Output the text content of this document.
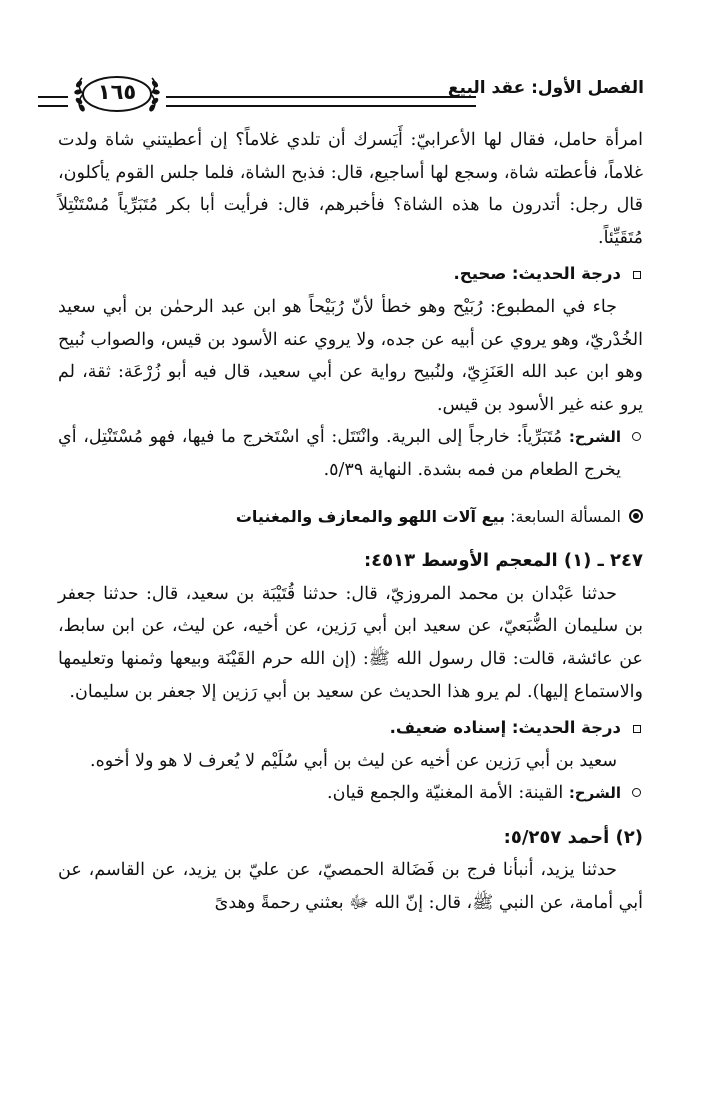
الفصل الأول: عقد البيع
١٦٥

امرأة حامل، فقال لها الأعرابيّ: أَيَسرك أن تلدي غلاماً؟ إن أعطيتني شاة ولدت غلاماً، فأعطته شاة، وسجع لها أساجيع، قال: فذبح الشاة، فلما جلس القوم يأكلون، قال رجل: أتدرون ما هذه الشاة؟ فأخبرهم، قال: فرأيت أبا بكر مُتَبَرِّياً مُسْتَنْتِلاً مُتَقَيِّئاً.

درجة الحديث: صحيح.

جاء في المطبوع: رُبَيْح وهو خطأ لأنّ رُبَيْحاً هو ابن عبد الرحمٰن بن أبي سعيد الخُدْريّ، وهو يروي عن أبيه عن جده، ولا يروي عنه الأسود بن قيس، والصواب نُبيح وهو ابن عبد الله العَنَزِيّ، ولنُبيح رواية عن أبي سعيد، قال فيه أبو زُرْعَة: ثقة، لم يرو عنه غير الأسود بن قيس.

الشرح: مُتَبَرِّياً: خارجاً إلى البرية. وانْتَتَل: أي اسْتَخرج ما فيها، فهو مُسْتَنْتِل، أي يخرج الطعام من فمه بشدة. النهاية ٥/٣٩.

المسألة السابعة: بيع آلات اللهو والمعازف والمغنيات

٢٤٧ ـ (١) المعجم الأوسط ٤٥١٣:

حدثنا عَبْدان بن محمد المروزيّ، قال: حدثنا قُتَيْبَة بن سعيد، قال: حدثنا جعفر بن سليمان الضُّبَعيّ، عن سعيد ابن أبي رَزين، عن أخيه، عن ليث، عن ابن سابط، عن عائشة، قالت: قال رسول الله ﷺ: (إن الله حرم القَيْنَة وبيعها وثمنها وتعليمها والاستماع إليها). لم يرو هذا الحديث عن سعيد بن أبي رَزين إلا جعفر بن سليمان.

درجة الحديث: إسناده ضعيف.

سعيد بن أبي رَزين عن أخيه عن ليث بن أبي سُلَيْم لا يُعرف لا هو ولا أخوه.

الشرح: القينة: الأمة المغنيّة والجمع قيان.

(٢) أحمد ٥/٢٥٧:

حدثنا يزيد، أنبأنا فرج بن فَضَالة الحمصيّ، عن عليّ بن يزيد، عن القاسم، عن أبي أمامة، عن النبي ﷺ، قال: إنّ الله ﷻ بعثني رحمةً وهدىً
